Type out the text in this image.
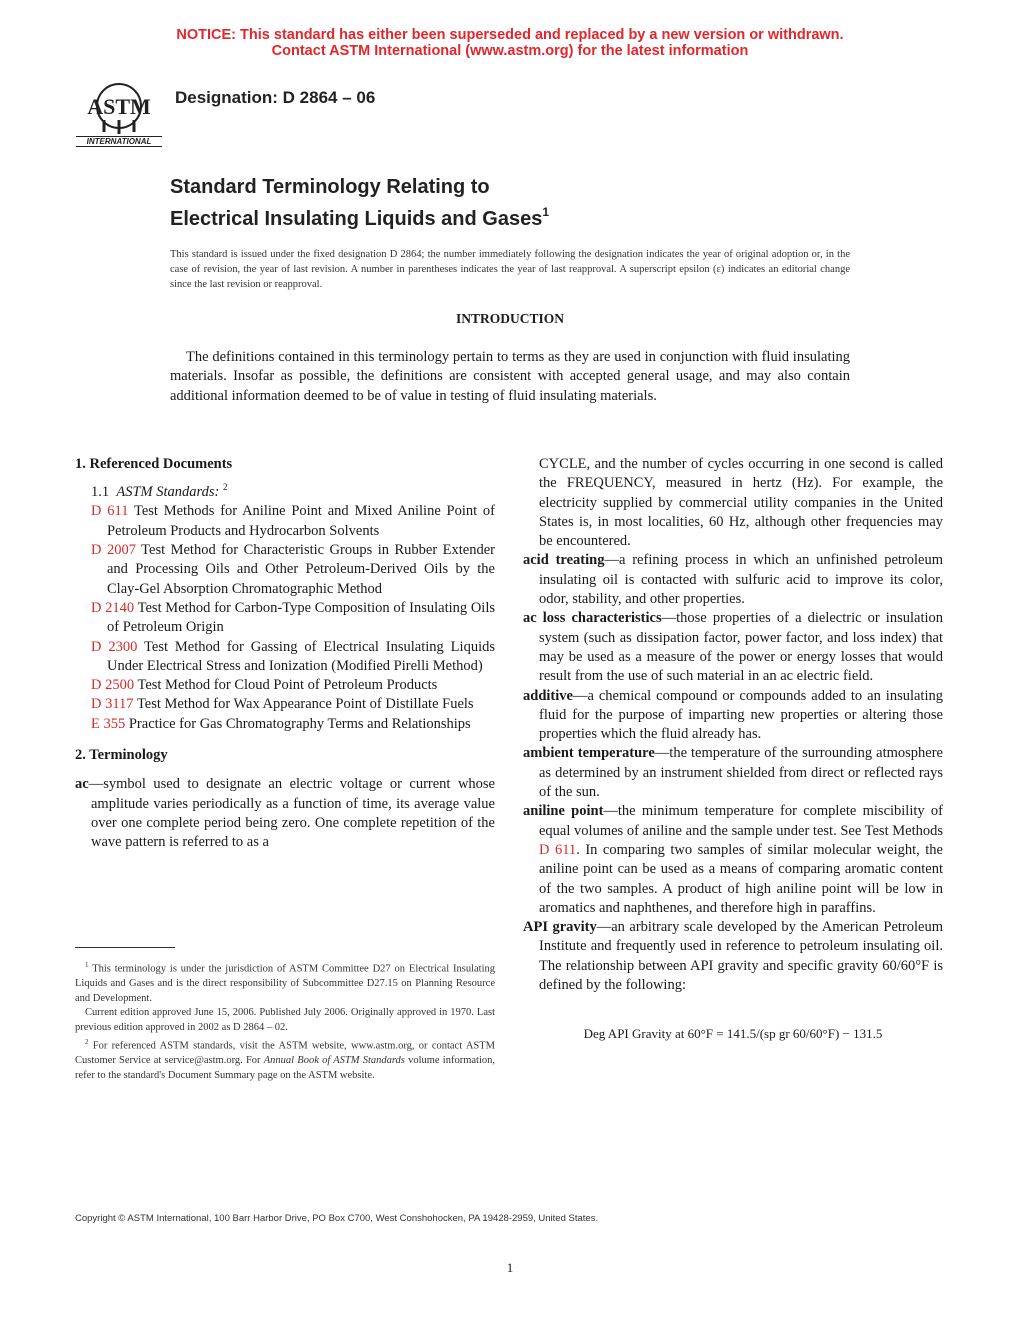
NOTICE: This standard has either been superseded and replaced by a new version or withdrawn.
Contact ASTM International (www.astm.org) for the latest information
ASTM
INTERNATIONAL
Designation: D 2864 – 06
Standard Terminology Relating to
Electrical Insulating Liquids and Gases$^1$
This standard is issued under the fixed designation D 2864; the number immediately following the designation indicates the year of original adoption or, in the case of revision, the year of last revision. A number in parentheses indicates the year of last reapproval. A superscript epsilon (ε) indicates an editorial change since the last revision or reapproval.
INTRODUCTION
The definitions contained in this terminology pertain to terms as they are used in conjunction with fluid insulating materials. Insofar as possible, the definitions are consistent with accepted general usage, and may also contain additional information deemed to be of value in testing of fluid insulating materials.

1. Referenced Documents

1.1 ASTM Standards: $^2$

D 611 Test Methods for Aniline Point and Mixed Aniline Point of Petroleum Products and Hydrocarbon Solvents

D 2007 Test Method for Characteristic Groups in Rubber Extender and Processing Oils and Other Petroleum-Derived Oils by the Clay-Gel Absorption Chromatographic Method

D 2140 Test Method for Carbon-Type Composition of Insulating Oils of Petroleum Origin

D 2300 Test Method for Gassing of Electrical Insulating Liquids Under Electrical Stress and Ionization (Modified Pirelli Method)

D 2500 Test Method for Cloud Point of Petroleum Products

D 3117 Test Method for Wax Appearance Point of Distillate Fuels

E 355 Practice for Gas Chromatography Terms and Relationships

2. Terminology

ac—symbol used to designate an electric voltage or current whose amplitude varies periodically as a function of time, its average value over one complete period being zero. One complete repetition of the wave pattern is referred to as a

CYCLE, and the number of cycles occurring in one second is called the FREQUENCY, measured in hertz (Hz). For example, the electricity supplied by commercial utility companies in the United States is, in most localities, 60 Hz, although other frequencies may be encountered.

acid treating—a refining process in which an unfinished petroleum insulating oil is contacted with sulfuric acid to improve its color, odor, stability, and other properties.

ac loss characteristics—those properties of a dielectric or insulation system (such as dissipation factor, power factor, and loss index) that may be used as a measure of the power or energy losses that would result from the use of such material in an ac electric field.

additive—a chemical compound or compounds added to an insulating fluid for the purpose of imparting new properties or altering those properties which the fluid already has.

ambient temperature—the temperature of the surrounding atmosphere as determined by an instrument shielded from direct or reflected rays of the sun.

aniline point—the minimum temperature for complete miscibility of equal volumes of aniline and the sample under test. See Test Methods D 611. In comparing two samples of similar molecular weight, the aniline point can be used as a means of comparing aromatic content of the two samples. A product of high aniline point will be low in aromatics and naphthenes, and therefore high in paraffins.

API gravity—an arbitrary scale developed by the American Petroleum Institute and frequently used in reference to petroleum insulating oil. The relationship between API gravity and specific gravity 60/60°F is defined by the following:

Deg API Gravity at 60°F = 141.5/(sp gr 60/60°F) − 131.5

$^1$ This terminology is under the jurisdiction of ASTM Committee D27 on Electrical Insulating Liquids and Gases and is the direct responsibility of Subcommittee D27.15 on Planning Resource and Development.

Current edition approved June 15, 2006. Published July 2006. Originally approved in 1970. Last previous edition approved in 2002 as D 2864 – 02.

$^2$ For referenced ASTM standards, visit the ASTM website, www.astm.org, or contact ASTM Customer Service at service@astm.org. For Annual Book of ASTM Standards volume information, refer to the standard's Document Summary page on the ASTM website.

Copyright © ASTM International, 100 Barr Harbor Drive, PO Box C700, West Conshohocken, PA 19428-2959, United States.
1
